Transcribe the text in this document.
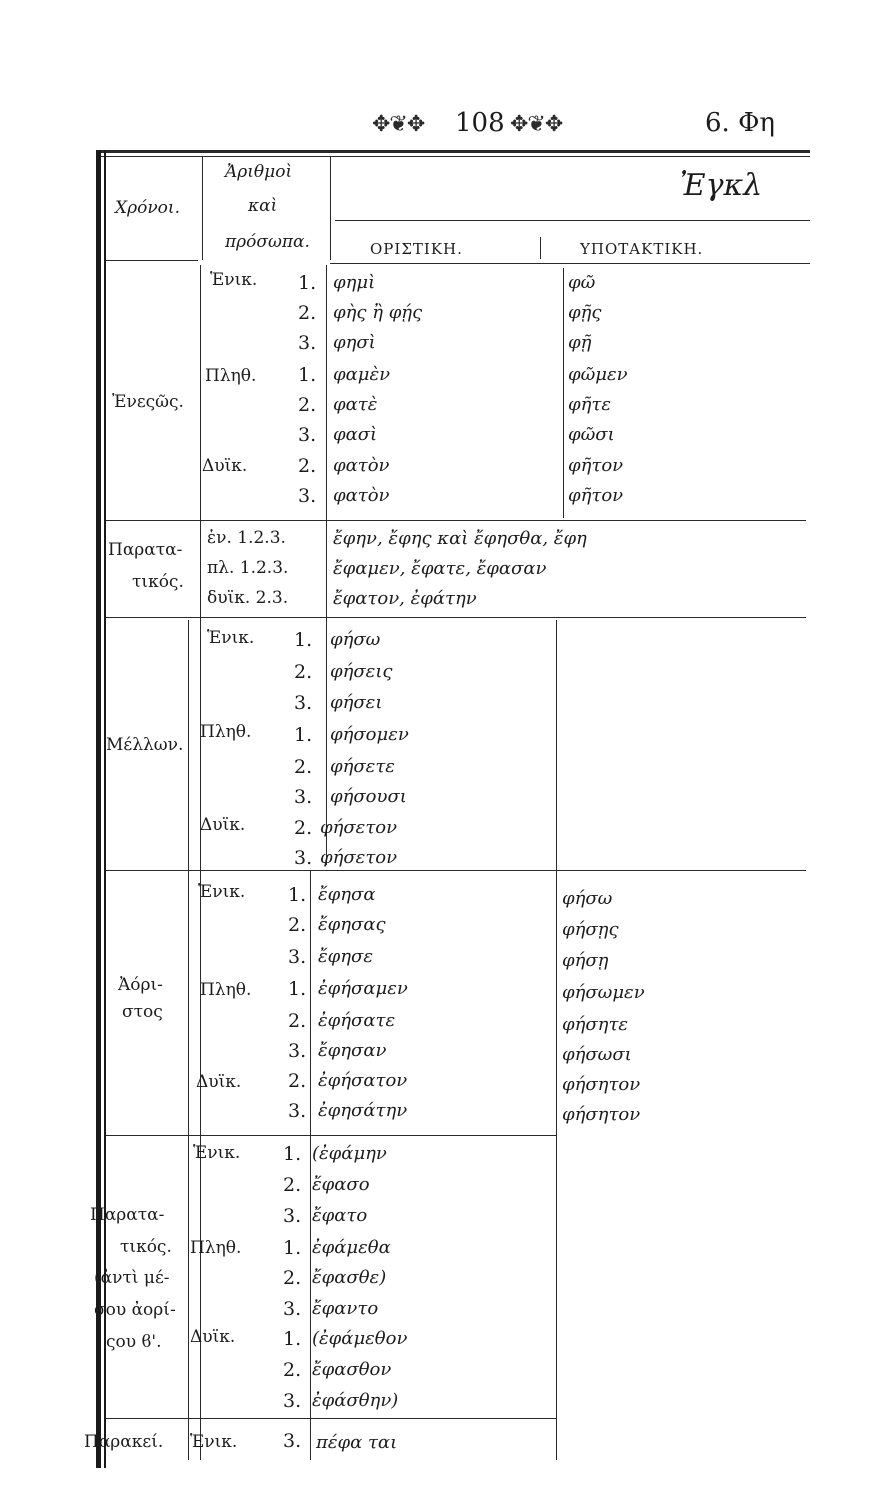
✥❦✥ 108 ✥❦✥	6. Φη
Χρόνοι.
Ἀριθμοὶ
καὶ
πρόσωπα.
Ἐγκλ
ΟΡΙΣΤΙΚΗ.	ΥΠΟΤΑΚΤΙΚΗ.
Ἐνεςῶς.
Ἑνικ.
Πληθ.
Δυϊκ.
1.
2.
3.
1.
2.
3.
2.
3.
φημὶ
φὴς ἢ φῄς
φησὶ
φαμὲν
φατὲ
φασὶ
φατὸν
φατὸν
φῶ
φῇς
φῇ
φῶμεν
φῆτε
φῶσι
φῆτον
φῆτον
Παρατα-
τικός.
ἑν. 1.2.3.
πλ. 1.2.3.
δυϊκ. 2.3.
ἔφην, ἔφης καὶ ἔφησθα, ἔφη
ἔφαμεν, ἔφατε, ἔφασαν
ἔφατον, ἐφάτην
Μέλλων.
Ἑνικ.
Πληθ.
Δυϊκ.
1.
2.
3.
1.
2.
3.
2.
3.
φήσω
φήσεις
φήσει
φήσομεν
φήσετε
φήσουσι
φήσετον
φήσετον
Ἀόρι-
στος
Ἑνικ.
Πληθ.
Δυϊκ.
1.
2.
3.
1.
2.
3.
2.
3.
ἔφησα
ἔφησας
ἔφησε
ἐφήσαμεν
ἐφήσατε
ἔφησαν
ἐφήσατον
ἐφησάτην
φήσω
φήσῃς
φήσῃ
φήσωμεν
φήσητε
φήσωσι
φήσητον
φήσητον
Παρατα-
τικός.
(ἀντὶ μέ-
σου ἀορί-
ςου ϐ'.
Ἑνικ.
Πληθ.
Δυϊκ.
1.
2.
3.
1.
2.
3.
1.
2.
3.
(ἐφάμην
ἔφασο
ἔφατο
ἐφάμεθα
ἔφασθε)
ἔφαντο
(ἐφάμεθον
ἔφασθον
ἐφάσθην)
Παρακεί. Ἑνικ. 3. πέφα ται
